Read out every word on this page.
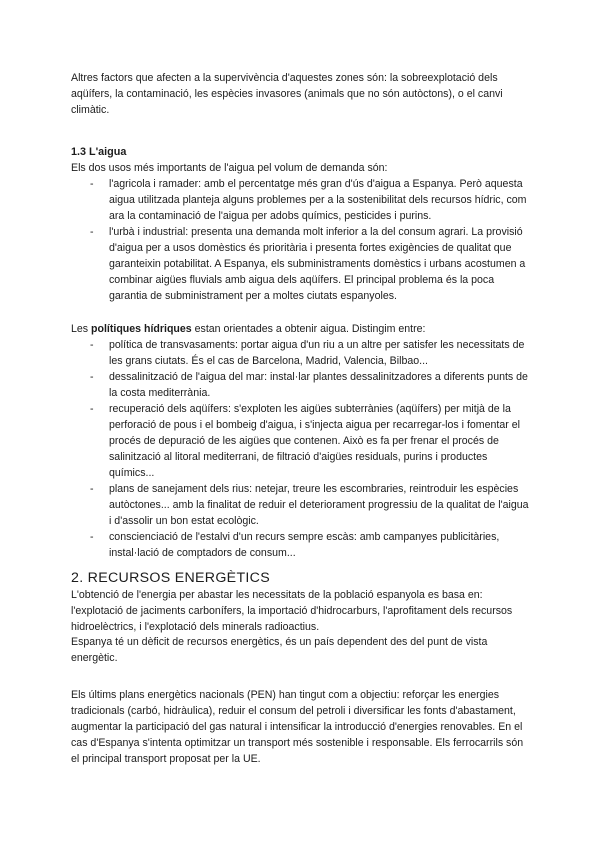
Altres factors que afecten a la supervivència d'aquestes zones són: la sobreexplotació dels aqüífers, la contaminació, les espècies invasores (animals que no són autòctons), o el canvi climàtic.

1.3 L'aigua

Els dos usos més importants de l'aigua pel volum de demanda són:

- l'agricola i ramader: amb el percentatge més gran d'ús d'aigua a Espanya. Però aquesta aigua utilitzada planteja alguns problemes per a la sostenibilitat dels recursos hídric, com ara la contaminació de l'aigua per adobs químics, pesticides i purins.
- l'urbà i industrial: presenta una demanda molt inferior a la del consum agrari. La provisió d'aigua per a usos domèstics és prioritària i presenta fortes exigències de qualitat que garanteixin potabilitat. A Espanya, els subministraments domèstics i urbans acostumen a combinar aigües fluvials amb aigua dels aqüífers. El principal problema és la poca garantia de subministrament per a moltes ciutats espanyoles.

Les polítiques hídriques estan orientades a obtenir aigua. Distingim entre:

- política de transvasaments: portar aigua d'un riu a un altre per satisfer les necessitats de les grans ciutats. És el cas de Barcelona, Madrid, Valencia, Bilbao...
- dessalinització de l'aigua del mar: instal·lar plantes dessalinitzadores a diferents punts de la costa mediterrània.
- recuperació dels aqüífers: s'exploten les aigües subterrànies (aqüífers) per mitjà de la perforació de pous i el bombeig d'aigua, i s'injecta aigua per recarregar-los i fomentar el procés de depuració de les aigües que contenen. Això es fa per frenar el procés de salinització al litoral mediterrani, de filtració d'aigües residuals, purins i productes químics...
- plans de sanejament dels rius: netejar, treure les escombraries, reintroduir les espècies autòctones... amb la finalitat de reduir el deteriorament progressiu de la qualitat de l'aigua i d'assolir un bon estat ecològic.
- conscienciació de l'estalvi d'un recurs sempre escàs: amb campanyes publicitàries, instal·lació de comptadors de consum...
2. RECURSOS ENERGÈTICS

L'obtenció de l'energia per abastar les necessitats de la població espanyola es basa en: l'explotació de jaciments carbonífers, la importació d'hidrocarburs, l'aprofitament dels recursos hidroelèctrics, i l'explotació dels minerals radioactius.

Espanya té un dèficit de recursos energètics, és un país dependent des del punt de vista energètic.

Els últims plans energètics nacionals (PEN) han tingut com a objectiu: reforçar les energies tradicionals (carbó, hidràulica), reduir el consum del petroli i diversificar les fonts d'abastament, augmentar la participació del gas natural i intensificar la introducció d'energies renovables. En el cas d'Espanya s'intenta optimitzar un transport més sostenible i responsable. Els ferrocarrils són el principal transport proposat per la UE.
